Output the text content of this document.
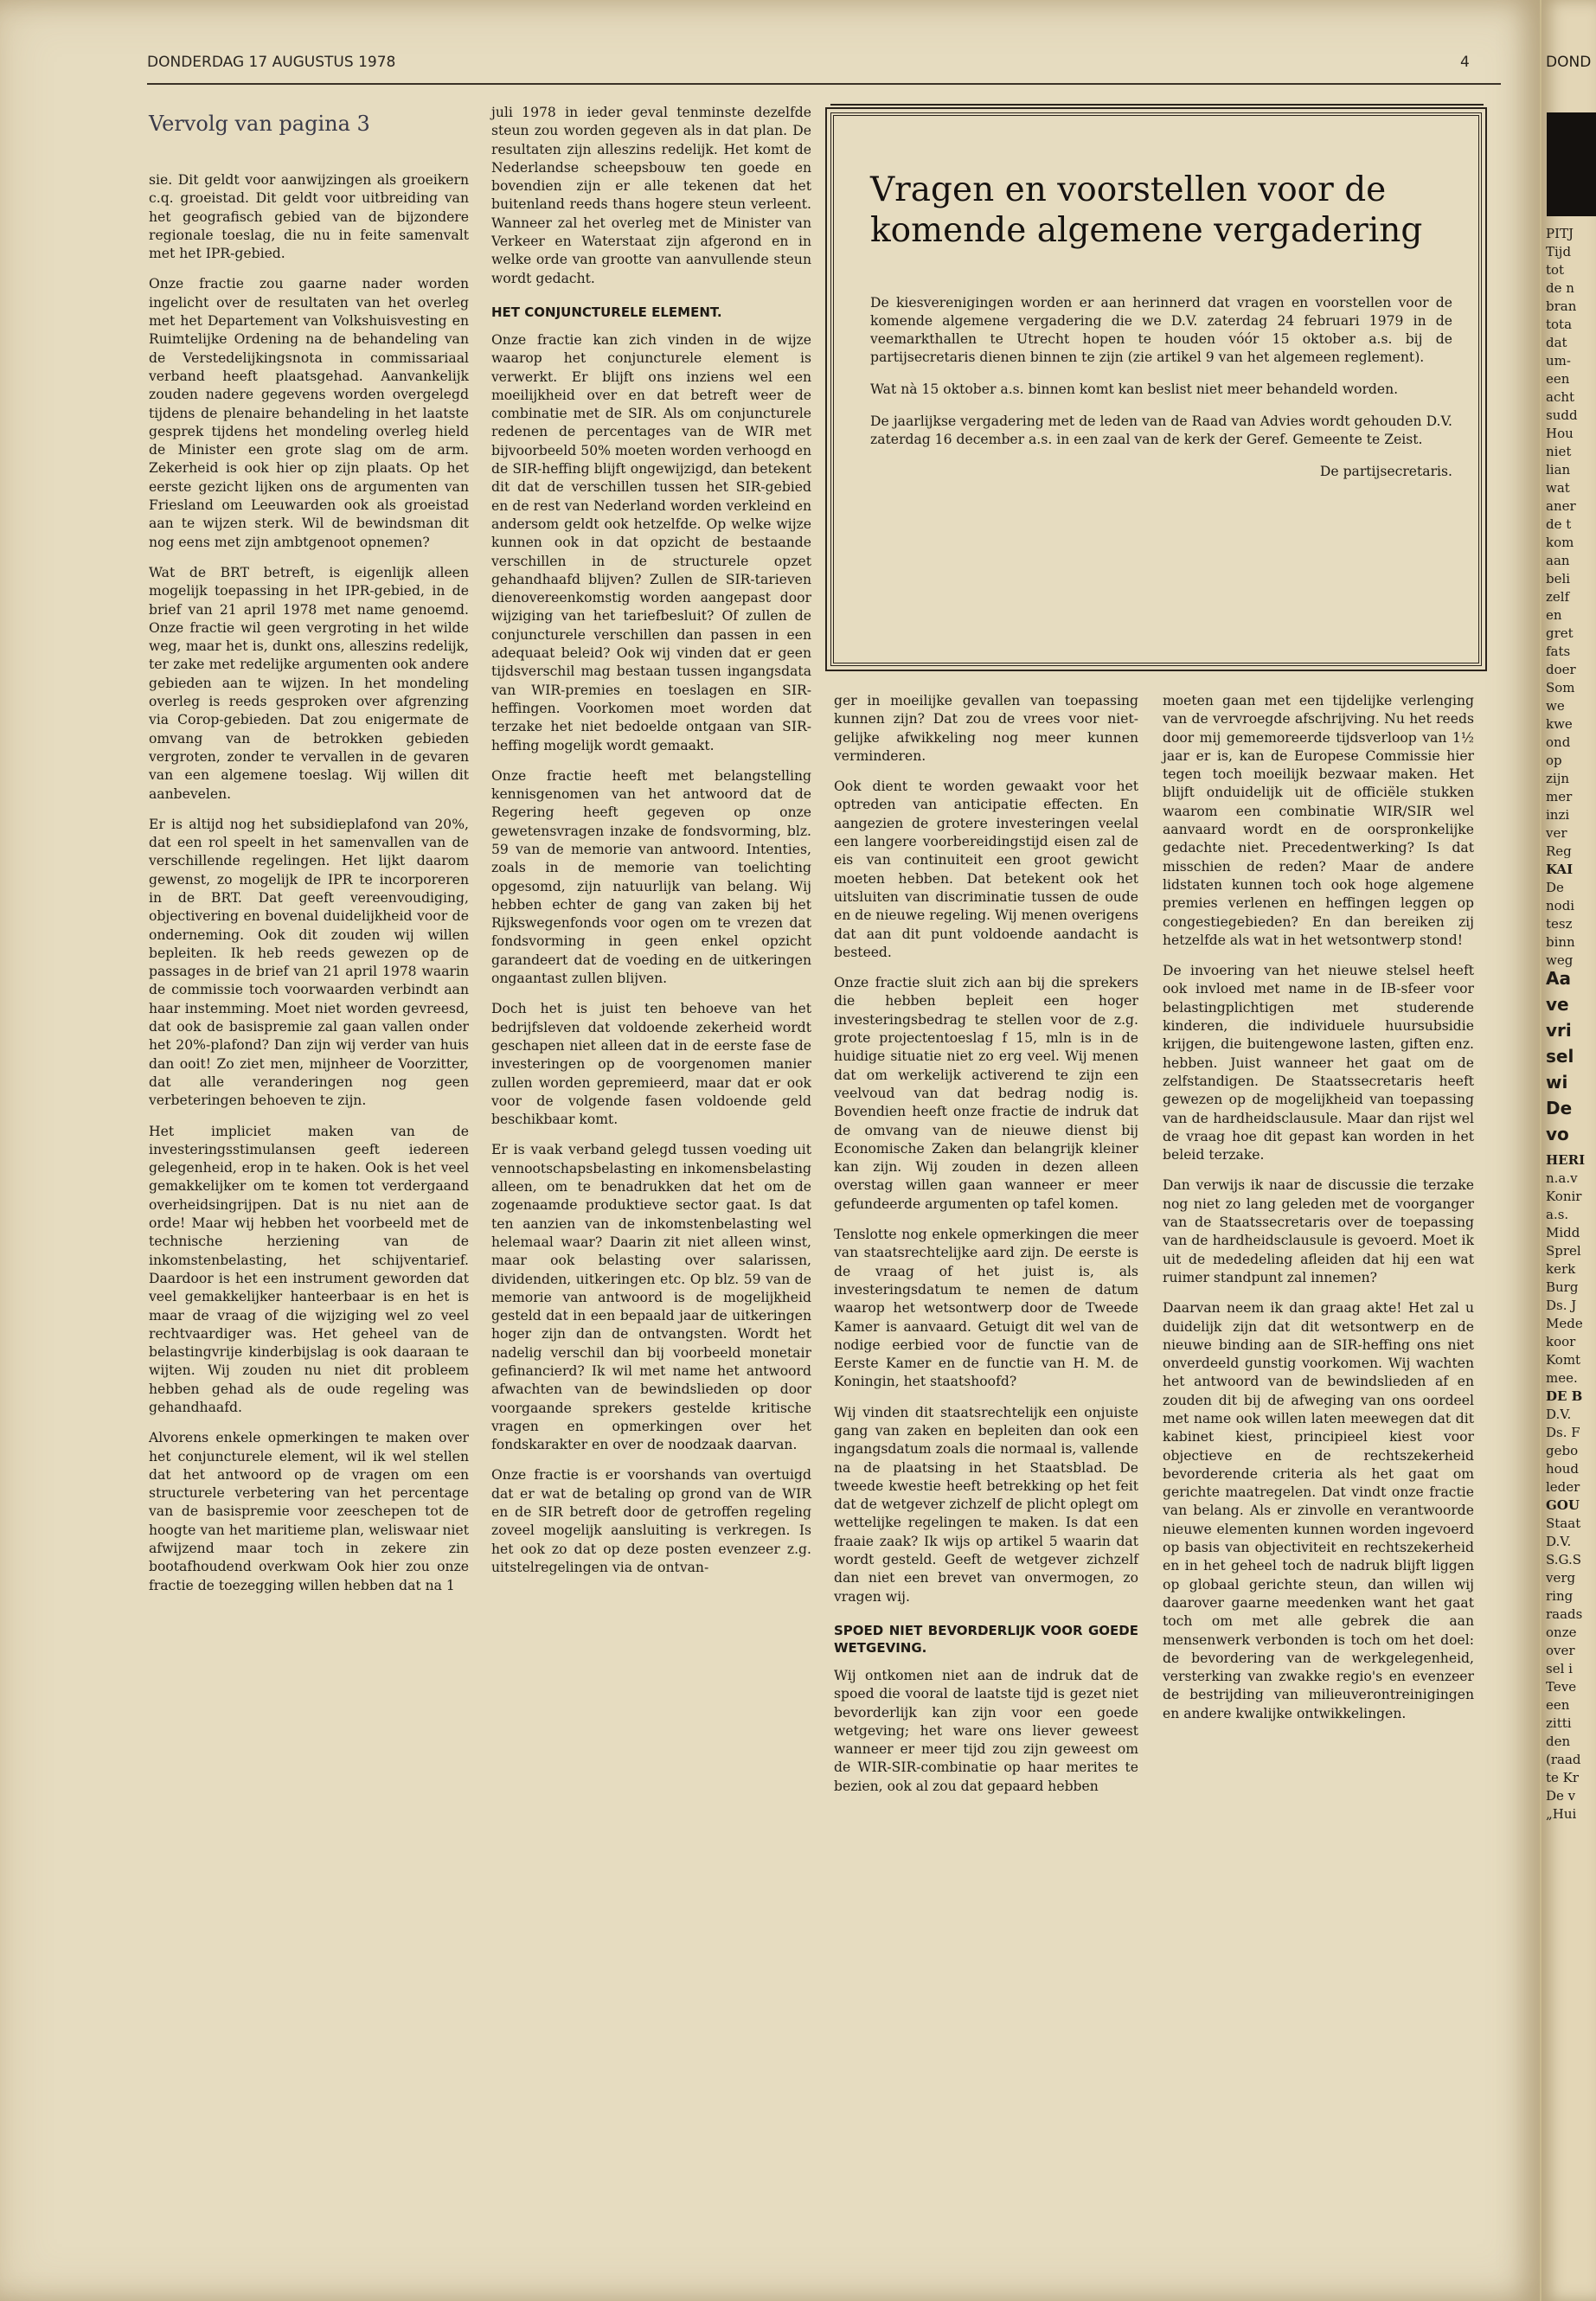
DONDERDAG 17 AUGUSTUS 1978	4
Vervolg van pagina 3

sie. Dit geldt voor aanwijzingen als groeikern c.q. groeistad. Dit geldt voor uitbreiding van het geografisch gebied van de bijzondere regionale toeslag, die nu in feite samenvalt met het IPR-gebied.

Onze fractie zou gaarne nader worden ingelicht over de resultaten van het overleg met het Departement van Volkshuisvesting en Ruimtelijke Ordening na de behandeling van de Verstedelijkingsnota in commissariaal verband heeft plaatsgehad. Aanvankelijk zouden nadere gegevens worden overgelegd tijdens de plenaire behandeling in het laatste gesprek tijdens het mondeling overleg hield de Minister een grote slag om de arm. Zekerheid is ook hier op zijn plaats. Op het eerste gezicht lijken ons de argumenten van Friesland om Leeuwarden ook als groeistad aan te wijzen sterk. Wil de bewindsman dit nog eens met zijn ambtgenoot opnemen?

Wat de BRT betreft, is eigenlijk alleen mogelijk toepassing in het IPR-gebied, in de brief van 21 april 1978 met name genoemd. Onze fractie wil geen vergroting in het wilde weg, maar het is, dunkt ons, alleszins redelijk, ter zake met redelijke argumenten ook andere gebieden aan te wijzen. In het mondeling overleg is reeds gesproken over afgrenzing via Corop-gebieden. Dat zou enigermate de omvang van de betrokken gebieden vergroten, zonder te vervallen in de gevaren van een algemene toeslag. Wij willen dit aanbevelen.

Er is altijd nog het subsidieplafond van 20%, dat een rol speelt in het samenvallen van de verschillende regelingen. Het lijkt daarom gewenst, zo mogelijk de IPR te incorporeren in de BRT. Dat geeft vereenvoudiging, objectivering en bovenal duidelijkheid voor de onderneming. Ook dit zouden wij willen bepleiten. Ik heb reeds gewezen op de passages in de brief van 21 april 1978 waarin de commissie toch voorwaarden verbindt aan haar instemming. Moet niet worden gevreesd, dat ook de basispremie zal gaan vallen onder het 20%-plafond? Dan zijn wij verder van huis dan ooit! Zo ziet men, mijnheer de Voorzitter, dat alle veranderingen nog geen verbeteringen behoeven te zijn.

Het impliciet maken van de investeringsstimulansen geeft iedereen gelegenheid, erop in te haken. Ook is het veel gemakkelijker om te komen tot verdergaand overheidsingrijpen. Dat is nu niet aan de orde! Maar wij hebben het voorbeeld met de technische herziening van de inkomstenbelasting, het schijventarief. Daardoor is het een instrument geworden dat veel gemakkelijker hanteerbaar is en het is maar de vraag of die wijziging wel zo veel rechtvaardiger was. Het geheel van de belastingvrije kinderbijslag is ook daaraan te wijten. Wij zouden nu niet dit probleem hebben gehad als de oude regeling was gehandhaafd.

Alvorens enkele opmerkingen te maken over het conjuncturele element, wil ik wel stellen dat het antwoord op de vragen om een structurele verbetering van het percentage van de basispremie voor zeeschepen tot de hoogte van het maritieme plan, weliswaar niet afwijzend maar toch in zekere zin bootafhoudend overkwam Ook hier zou onze fractie de toezegging willen hebben dat na 1

juli 1978 in ieder geval tenminste dezelfde steun zou worden gegeven als in dat plan. De resultaten zijn alleszins redelijk. Het komt de Nederlandse scheepsbouw ten goede en bovendien zijn er alle tekenen dat het buitenland reeds thans hogere steun verleent. Wanneer zal het overleg met de Minister van Verkeer en Waterstaat zijn afgerond en in welke orde van grootte van aanvullende steun wordt gedacht.

HET CONJUNCTURELE ELEMENT.

Onze fractie kan zich vinden in de wijze waarop het conjuncturele element is verwerkt. Er blijft ons inziens wel een moeilijkheid over en dat betreft weer de combinatie met de SIR. Als om conjuncturele redenen de percentages van de WIR met bijvoorbeeld 50% moeten worden verhoogd en de SIR-heffing blijft ongewijzigd, dan betekent dit dat de verschillen tussen het SIR-gebied en de rest van Nederland worden verkleind en andersom geldt ook hetzelfde. Op welke wijze kunnen ook in dat opzicht de bestaande verschillen in de structurele opzet gehandhaafd blijven? Zullen de SIR-tarieven dienovereenkomstig worden aangepast door wijziging van het tariefbesluit? Of zullen de conjuncturele verschillen dan passen in een adequaat beleid? Ook wij vinden dat er geen tijdsverschil mag bestaan tussen ingangsdata van WIR-premies en toeslagen en SIR-heffingen. Voorkomen moet worden dat terzake het niet bedoelde ontgaan van SIR-heffing mogelijk wordt gemaakt.

Onze fractie heeft met belangstelling kennisgenomen van het antwoord dat de Regering heeft gegeven op onze gewetensvragen inzake de fondsvorming, blz. 59 van de memorie van antwoord. Intenties, zoals in de memorie van toelichting opgesomd, zijn natuurlijk van belang. Wij hebben echter de gang van zaken bij het Rijkswegenfonds voor ogen om te vrezen dat fondsvorming in geen enkel opzicht garandeert dat de voeding en de uitkeringen ongaantast zullen blijven.

Doch het is juist ten behoeve van het bedrijfsleven dat voldoende zekerheid wordt geschapen niet alleen dat in de eerste fase de investeringen op de voorgenomen manier zullen worden gepremieerd, maar dat er ook voor de volgende fasen voldoende geld beschikbaar komt.

Er is vaak verband gelegd tussen voeding uit vennootschapsbelasting en inkomensbelasting alleen, om te benadrukken dat het om de zogenaamde produktieve sector gaat. Is dat ten aanzien van de inkomstenbelasting wel helemaal waar? Daarin zit niet alleen winst, maar ook belasting over salarissen, dividenden, uitkeringen etc. Op blz. 59 van de memorie van antwoord is de mogelijkheid gesteld dat in een bepaald jaar de uitkeringen hoger zijn dan de ontvangsten. Wordt het nadelig verschil dan bij voorbeeld monetair gefinancierd? Ik wil met name het antwoord afwachten van de bewindslieden op door voorgaande sprekers gestelde kritische vragen en opmerkingen over het fondskarakter en over de noodzaak daarvan.

Onze fractie is er voorshands van overtuigd dat er wat de betaling op grond van de WIR en de SIR betreft door de getroffen regeling zoveel mogelijk aansluiting is verkregen. Is het ook zo dat op deze posten evenzeer z.g. uitstelregelingen via de ontvan-

Vragen en voorstellen voor de komende algemene vergadering

De kiesverenigingen worden er aan herinnerd dat vragen en voorstellen voor de komende algemene vergadering die we D.V. zaterdag 24 februari 1979 in de veemarkthallen te Utrecht hopen te houden vóór 15 oktober a.s. bij de partijsecretaris dienen binnen te zijn (zie artikel 9 van het algemeen reglement).

Wat nà 15 oktober a.s. binnen komt kan beslist niet meer behandeld worden.

De jaarlijkse vergadering met de leden van de Raad van Advies wordt gehouden D.V. zaterdag 16 december a.s. in een zaal van de kerk der Geref. Gemeente te Zeist.

De partijsecretaris.

ger in moeilijke gevallen van toepassing kunnen zijn? Dat zou de vrees voor niet-gelijke afwikkeling nog meer kunnen verminderen.

Ook dient te worden gewaakt voor het optreden van anticipatie effecten. En aangezien de grotere investeringen veelal een langere voorbereidingstijd eisen zal de eis van continuiteit een groot gewicht moeten hebben. Dat betekent ook het uitsluiten van discriminatie tussen de oude en de nieuwe regeling. Wij menen overigens dat aan dit punt voldoende aandacht is besteed.

Onze fractie sluit zich aan bij die sprekers die hebben bepleit een hoger investeringsbedrag te stellen voor de z.g. grote projectentoeslag f 15, mln is in de huidige situatie niet zo erg veel. Wij menen dat om werkelijk activerend te zijn een veelvoud van dat bedrag nodig is. Bovendien heeft onze fractie de indruk dat de omvang van de nieuwe dienst bij Economische Zaken dan belangrijk kleiner kan zijn. Wij zouden in dezen alleen overstag willen gaan wanneer er meer gefundeerde argumenten op tafel komen.

Tenslotte nog enkele opmerkingen die meer van staatsrechtelijke aard zijn. De eerste is de vraag of het juist is, als investeringsdatum te nemen de datum waarop het wetsontwerp door de Tweede Kamer is aanvaard. Getuigt dit wel van de nodige eerbied voor de functie van de Eerste Kamer en de functie van H. M. de Koningin, het staatshoofd?

Wij vinden dit staatsrechtelijk een onjuiste gang van zaken en bepleiten dan ook een ingangsdatum zoals die normaal is, vallende na de plaatsing in het Staatsblad. De tweede kwestie heeft betrekking op het feit dat de wetgever zichzelf de plicht oplegt om wettelijke regelingen te maken. Is dat een fraaie zaak? Ik wijs op artikel 5 waarin dat wordt gesteld. Geeft de wetgever zichzelf dan niet een brevet van onvermogen, zo vragen wij.

SPOED NIET BEVORDERLIJK VOOR GOEDE WETGEVING.

Wij ontkomen niet aan de indruk dat de spoed die vooral de laatste tijd is gezet niet bevorderlijk kan zijn voor een goede wetgeving; het ware ons liever geweest wanneer er meer tijd zou zijn geweest om de WIR-SIR-combinatie op haar merites te bezien, ook al zou dat gepaard hebben

moeten gaan met een tijdelijke verlenging van de vervroegde afschrijving. Nu het reeds door mij gememoreerde tijdsverloop van 1½ jaar er is, kan de Europese Commissie hier tegen toch moeilijk bezwaar maken. Het blijft onduidelijk uit de officiële stukken waarom een combinatie WIR/SIR wel aanvaard wordt en de oorspronkelijke gedachte niet. Precedentwerking? Is dat misschien de reden? Maar de andere lidstaten kunnen toch ook hoge algemene premies verlenen en heffingen leggen op congestiegebieden? En dan bereiken zij hetzelfde als wat in het wetsontwerp stond!

De invoering van het nieuwe stelsel heeft ook invloed met name in de IB-sfeer voor belastingplichtigen met studerende kinderen, die individuele huursubsidie krijgen, die buitengewone lasten, giften enz. hebben. Juist wanneer het gaat om de zelfstandigen. De Staatssecretaris heeft gewezen op de mogelijkheid van toepassing van de hardheidsclausule. Maar dan rijst wel de vraag hoe dit gepast kan worden in het beleid terzake.

Dan verwijs ik naar de discussie die terzake nog niet zo lang geleden met de voorganger van de Staatssecretaris over de toepassing van de hardheidsclausule is gevoerd. Moet ik uit de mededeling afleiden dat hij een wat ruimer standpunt zal innemen?

Daarvan neem ik dan graag akte! Het zal u duidelijk zijn dat dit wetsontwerp en de nieuwe binding aan de SIR-heffing ons niet onverdeeld gunstig voorkomen. Wij wachten het antwoord van de bewindslieden af en zouden dit bij de afweging van ons oordeel met name ook willen laten meewegen dat dit kabinet kiest, principieel kiest voor objectieve en de rechtszekerheid bevorderende criteria als het gaat om gerichte maatregelen. Dat vindt onze fractie van belang. Als er zinvolle en verantwoorde nieuwe elementen kunnen worden ingevoerd op basis van objectiviteit en rechtszekerheid en in het geheel toch de nadruk blijft liggen op globaal gerichte steun, dan willen wij daarover gaarne meedenken want het gaat toch om met alle gebrek die aan mensenwerk verbonden is toch om het doel: de bevordering van de werkgelegenheid, versterking van zwakke regio's en evenzeer de bestrijding van milieuverontreinigingen en andere kwalijke ontwikkelingen.

DOND
PITJ
Tijd
tot
de n
bran
tota
dat
um-
een
acht
sudd
Hou
niet
lian
wat
aner
de t
kom
aan
beli
zelf
en
gret
fats
doer
Som
we
kwe
ond
op
zijn
mer
inzi
ver
Reg
KAI
De
nodi
tesz
binn
weg
Aa
ve
vri
sel
wi
De
vo
HERI
n.a.v
Konir
a.s.
Midd
Sprel
kerk
Burg
Ds. J
Mede
koor
Komt
mee.
DE B
D.V.
Ds. F
gebo
houd
leder
GOU
Staat
D.V.
S.G.S
verg
ring
raads
onze
over
sel i
Teve
een
zitti
den
(raad
te Kr
De v
„Hui
